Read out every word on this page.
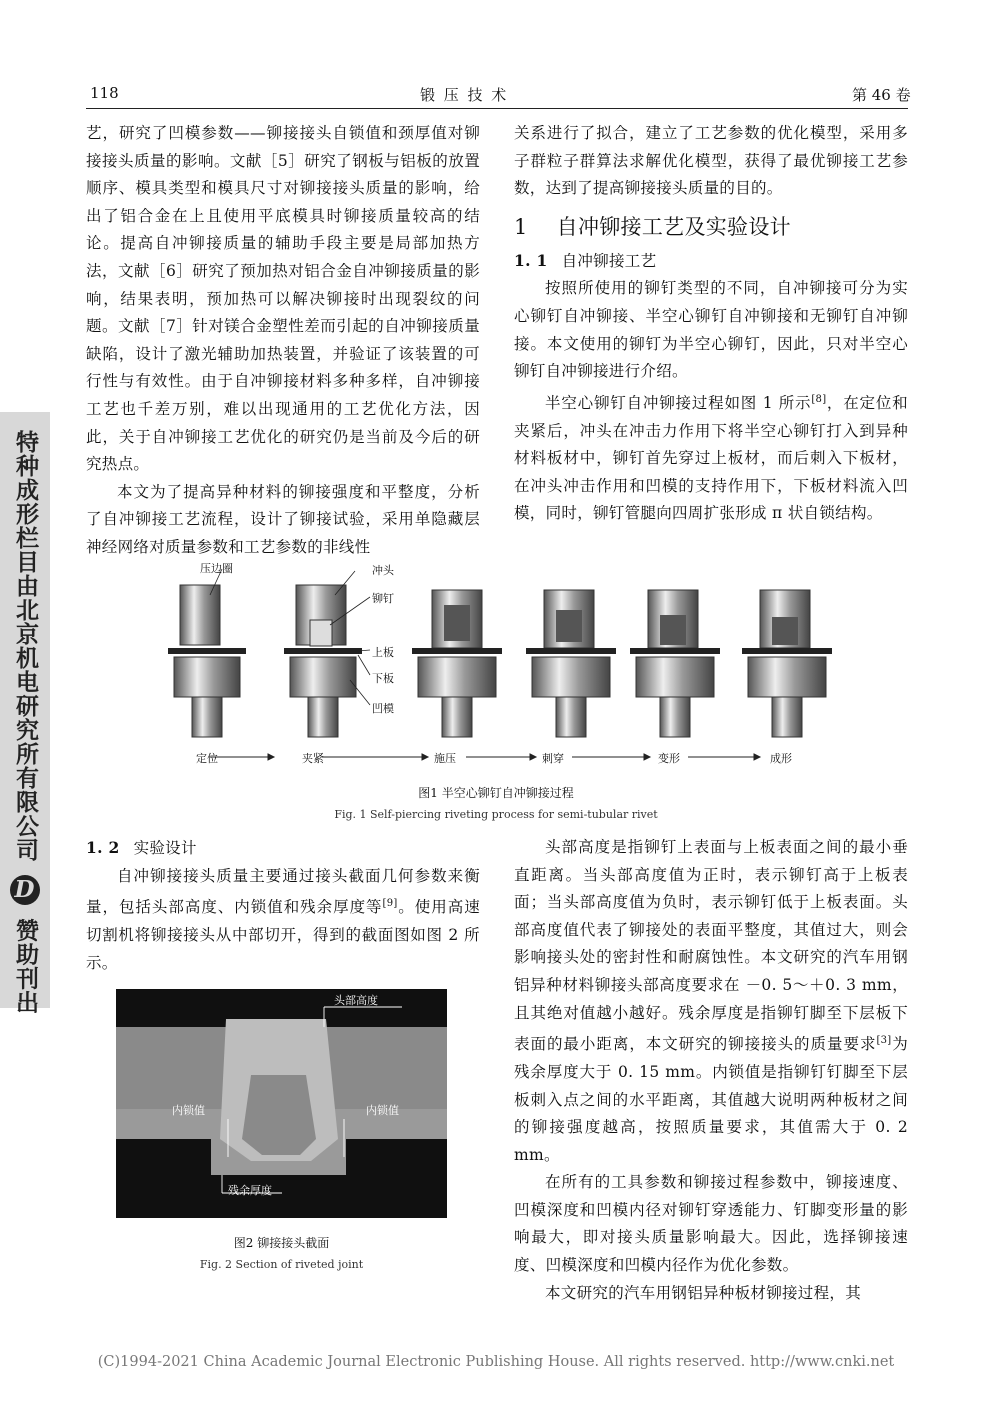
118	锻 压 技 术	第 46 卷
特种成形栏目由北京机电研究所有限公司 D 赞助刊出

艺，研究了凹模参数——铆接接头自锁值和颈厚值对铆接接头质量的影响。文献［5］研究了钢板与铝板的放置顺序、模具类型和模具尺寸对铆接接头质量的影响，给出了铝合金在上且使用平底模具时铆接质量较高的结论。提高自冲铆接质量的辅助手段主要是局部加热方法，文献［6］研究了预加热对铝合金自冲铆接质量的影响，结果表明，预加热可以解决铆接时出现裂纹的问题。文献［7］针对镁合金塑性差而引起的自冲铆接质量缺陷，设计了激光辅助加热装置，并验证了该装置的可行性与有效性。由于自冲铆接材料多种多样，自冲铆接工艺也千差万别，难以出现通用的工艺优化方法，因此，关于自冲铆接工艺优化的研究仍是当前及今后的研究热点。

本文为了提高异种材料的铆接强度和平整度，分析了自冲铆接工艺流程，设计了铆接试验，采用单隐藏层神经网络对质量参数和工艺参数的非线性

关系进行了拟合，建立了工艺参数的优化模型，采用多子群粒子群算法求解优化模型，获得了最优铆接工艺参数，达到了提高铆接接头质量的目的。

1 自冲铆接工艺及实验设计
1. 1 自冲铆接工艺

按照所使用的铆钉类型的不同，自冲铆接可分为实心铆钉自冲铆接、半空心铆钉自冲铆接和无铆钉自冲铆接。本文使用的铆钉为半空心铆钉，因此，只对半空心铆钉自冲铆接进行介绍。

半空心铆钉自冲铆接过程如图 1 所示[8]，在定位和夹紧后，冲头在冲击力作用下将半空心铆钉打入到异种材料板材中，铆钉首先穿过上板材，而后刺入下板材，在冲头冲击作用和凹模的支持作用下，下板材料流入凹模，同时，铆钉管腿向四周扩张形成 π 状自锁结构。

压边圈	冲头
铆钉
上板
下板
凹模
定位	夹紧	施压	刺穿	变形	成形
图1 半空心铆钉自冲铆接过程
Fig. 1 Self-piercing riveting process for semi-tubular rivet
1. 2 实验设计

自冲铆接接头质量主要通过接头截面几何参数来衡量，包括头部高度、内锁值和残余厚度等[9]。使用高速切割机将铆接接头从中部切开，得到的截面图如图 2 所示。

头部高度
内锁值	内锁值
残余厚度
图2 铆接接头截面
Fig. 2 Section of riveted joint

头部高度是指铆钉上表面与上板表面之间的最小垂直距离。当头部高度值为正时，表示铆钉高于上板表面；当头部高度值为负时，表示铆钉低于上板表面。头部高度值代表了铆接处的表面平整度，其值过大，则会影响接头处的密封性和耐腐蚀性。本文研究的汽车用钢铝异种材料铆接头部高度要求在 －0. 5～＋0. 3 mm，且其绝对值越小越好。残余厚度是指铆钉脚至下层板下表面的最小距离，本文研究的铆接接头的质量要求[3]为残余厚度大于 0. 15 mm。内锁值是指铆钉钉脚至下层板刺入点之间的水平距离，其值越大说明两种板材之间的铆接强度越高，按照质量要求，其值需大于 0. 2 mm。

在所有的工具参数和铆接过程参数中，铆接速度、凹模深度和凹模内径对铆钉穿透能力、钉脚变形量的影响最大，即对接头质量影响最大。因此，选择铆接速度、凹模深度和凹模内径作为优化参数。

本文研究的汽车用钢铝异种板材铆接过程，其

(C)1994-2021 China Academic Journal Electronic Publishing House. All rights reserved. http://www.cnki.net
